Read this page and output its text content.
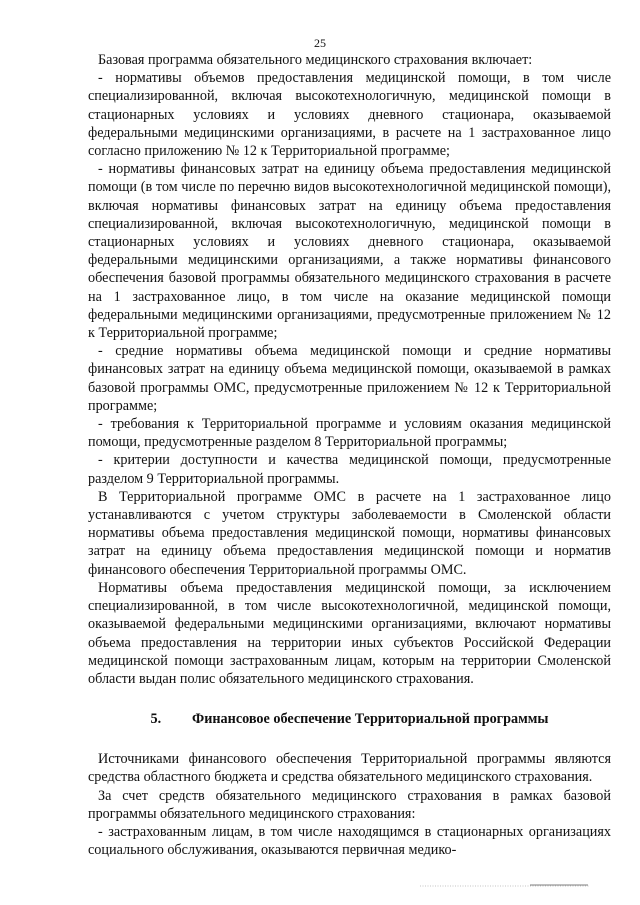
25

Базовая программа обязательного медицинского страхования включает:

- нормативы объемов предоставления медицинской помощи, в том числе специализированной, включая высокотехнологичную, медицинской помощи в стационарных условиях и условиях дневного стационара, оказываемой федеральными медицинскими организациями, в расчете на 1 застрахованное лицо согласно приложению № 12 к Территориальной программе;

- нормативы финансовых затрат на единицу объема предоставления медицинской помощи (в том числе по перечню видов высокотехнологичной медицинской помощи), включая нормативы финансовых затрат на единицу объема предоставления специализированной, включая высокотехнологичную, медицинской помощи в стационарных условиях и условиях дневного стационара, оказываемой федеральными медицинскими организациями, а также нормативы финансового обеспечения базовой программы обязательного медицинского страхования в расчете на 1 застрахованное лицо, в том числе на оказание медицинской помощи федеральными медицинскими организациями, предусмотренные приложением № 12 к Территориальной программе;

- средние нормативы объема медицинской помощи и средние нормативы финансовых затрат на единицу объема медицинской помощи, оказываемой в рамках базовой программы ОМС, предусмотренные приложением № 12 к Территориальной программе;

- требования к Территориальной программе и условиям оказания медицинской помощи, предусмотренные разделом 8 Территориальной программы;

- критерии доступности и качества медицинской помощи, предусмотренные разделом 9 Территориальной программы.

В Территориальной программе ОМС в расчете на 1 застрахованное лицо устанавливаются с учетом структуры заболеваемости в Смоленской области нормативы объема предоставления медицинской помощи, нормативы финансовых затрат на единицу объема предоставления медицинской помощи и норматив финансового обеспечения Территориальной программы ОМС.

Нормативы объема предоставления медицинской помощи, за исключением специализированной, в том числе высокотехнологичной, медицинской помощи, оказываемой федеральными медицинскими организациями, включают нормативы объема предоставления на территории иных субъектов Российской Федерации медицинской помощи застрахованным лицам, которым на территории Смоленской области выдан полис обязательного медицинского страхования.

5. Финансовое обеспечение Территориальной программы

Источниками финансового обеспечения Территориальной программы являются средства областного бюджета и средства обязательного медицинского страхования.

За счет средств обязательного медицинского страхования в рамках базовой программы обязательного медицинского страхования:

- застрахованным лицам, в том числе находящимся в стационарных организациях социального обслуживания, оказываются первичная медико-
